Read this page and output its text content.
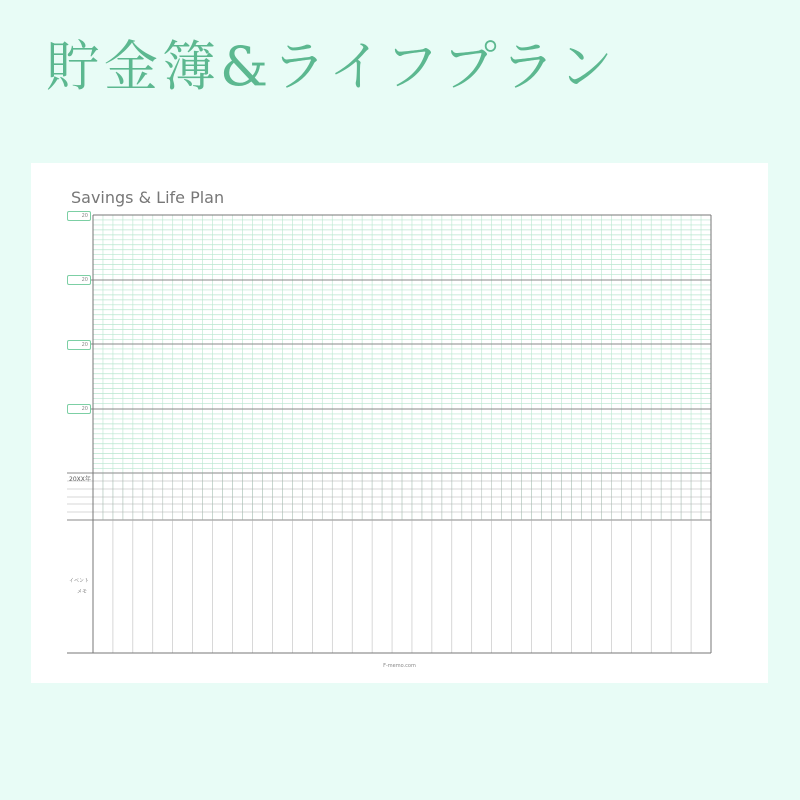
貯金簿&ライフプラン
Savings & Life Plan
20
20
20
20
20XX年
イベント
メモ
F-memo.com
